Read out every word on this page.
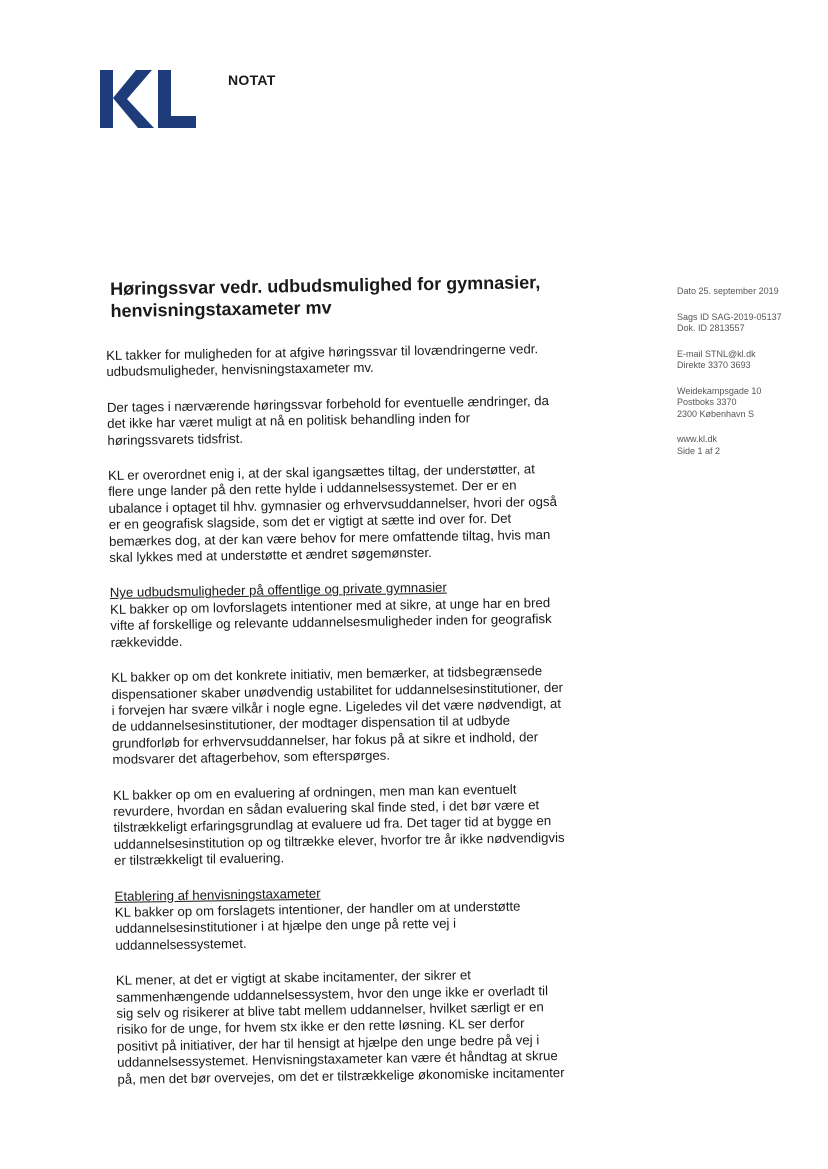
NOTAT
Høringssvar vedr. udbudsmulighed for gymnasier, henvisningstaxameter mv
Dato 25. september 2019
Sags ID SAG-2019-05137
Dok. ID 2813557
E-mail STNL@kl.dk
Direkte 3370 3693
Weidekampsgade 10
Postboks 3370
2300 København S
www.kl.dk
Side 1 af 2

KL takker for muligheden for at afgive høringssvar til lovændringerne vedr. udbudsmuligheder, henvisningstaxameter mv.

Der tages i nærværende høringssvar forbehold for eventuelle ændringer, da det ikke har været muligt at nå en politisk behandling inden for høringssvarets tidsfrist.

KL er overordnet enig i, at der skal igangsættes tiltag, der understøtter, at flere unge lander på den rette hylde i uddannelsessystemet. Der er en ubalance i optaget til hhv. gymnasier og erhvervsuddannelser, hvori der også er en geografisk slagside, som det er vigtigt at sætte ind over for. Det bemærkes dog, at der kan være behov for mere omfattende tiltag, hvis man skal lykkes med at understøtte et ændret søgemønster.

Nye udbudsmuligheder på offentlige og private gymnasier

KL bakker op om lovforslagets intentioner med at sikre, at unge har en bred vifte af forskellige og relevante uddannelsesmuligheder inden for geografisk rækkevidde.

KL bakker op om det konkrete initiativ, men bemærker, at tidsbegrænsede dispensationer skaber unødvendig ustabilitet for uddannelsesinstitutioner, der i forvejen har svære vilkår i nogle egne. Ligeledes vil det være nødvendigt, at de uddannelsesinstitutioner, der modtager dispensation til at udbyde grundforløb for erhvervsuddannelser, har fokus på at sikre et indhold, der modsvarer det aftagerbehov, som efterspørges.

KL bakker op om en evaluering af ordningen, men man kan eventuelt revurdere, hvordan en sådan evaluering skal finde sted, i det bør være et tilstrækkeligt erfaringsgrundlag at evaluere ud fra. Det tager tid at bygge en uddannelsesinstitution op og tiltrække elever, hvorfor tre år ikke nødvendigvis er tilstrækkeligt til evaluering.

Etablering af henvisningstaxameter

KL bakker op om forslagets intentioner, der handler om at understøtte uddannelsesinstitutioner i at hjælpe den unge på rette vej i uddannelsessystemet.

KL mener, at det er vigtigt at skabe incitamenter, der sikrer et sammenhængende uddannelsessystem, hvor den unge ikke er overladt til sig selv og risikerer at blive tabt mellem uddannelser, hvilket særligt er en risiko for de unge, for hvem stx ikke er den rette løsning. KL ser derfor positivt på initiativer, der har til hensigt at hjælpe den unge bedre på vej i uddannelsessystemet. Henvisningstaxameter kan være ét håndtag at skrue på, men det bør overvejes, om det er tilstrækkelige økonomiske incitamenter
